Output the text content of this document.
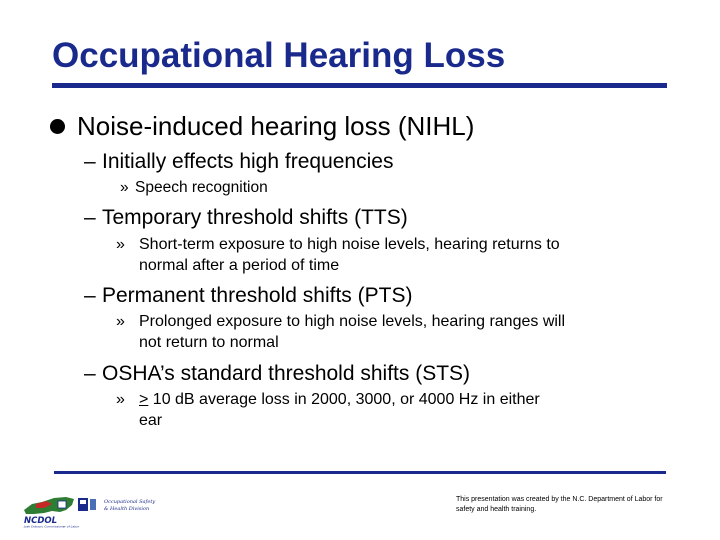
Occupational Hearing Loss
Noise-induced hearing loss (NIHL)
– Initially effects high frequencies
» Speech recognition
– Temporary threshold shifts (TTS)
» Short-term exposure to high noise levels, hearing returns to
normal after a period of time
– Permanent threshold shifts (PTS)
» Prolonged exposure to high noise levels, hearing ranges will
not return to normal
– OSHA’s standard threshold shifts (STS)
» ≥ 10 dB average loss in 2000, 3000, or 4000 Hz in either
ear
NCDOL
Josh Dobson, Commissioner of Labor
Occupational Safety
& Health Division
This presentation was created by the N.C. Department of Labor for safety and health training.
